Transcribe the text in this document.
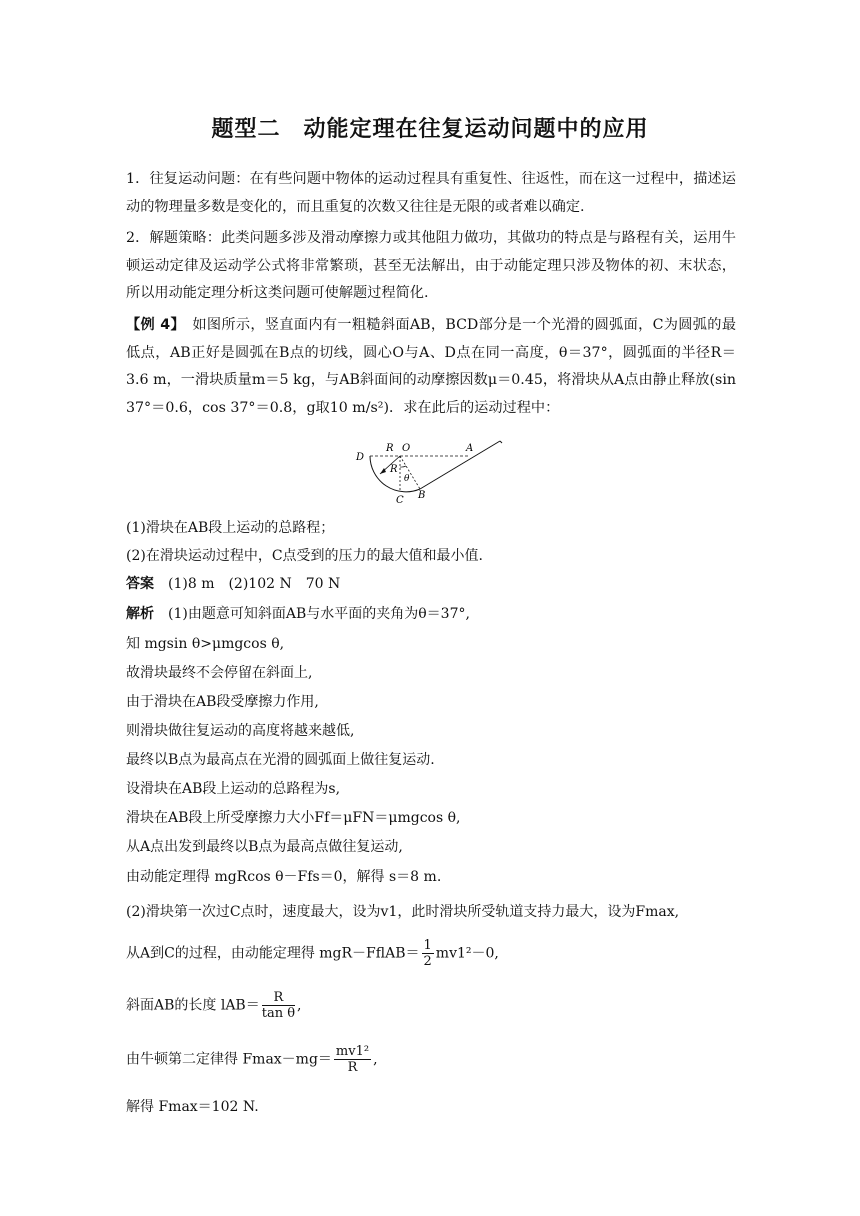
题型二　动能定理在往复运动问题中的应用
1．往复运动问题：在有些问题中物体的运动过程具有重复性、往返性，而在这一过程中，描述运动的物理量多数是变化的，而且重复的次数又往往是无限的或者难以确定.
2．解题策略：此类问题多涉及滑动摩擦力或其他阻力做功，其做功的特点是与路程有关，运用牛顿运动定律及运动学公式将非常繁琐，甚至无法解出，由于动能定理只涉及物体的初、末状态，所以用动能定理分析这类问题可使解题过程简化.
【例 4】　如图所示，竖直面内有一粗糙斜面AB，BCD部分是一个光滑的圆弧面，C为圆弧的最低点，AB正好是圆弧在B点的切线，圆心O与A、D点在同一高度，θ＝37°，圆弧面的半径R＝3.6 m，一滑块质量m＝5 kg，与AB斜面间的动摩擦因数μ＝0.45，将滑块从A点由静止释放(sin 37°＝0.6，cos 37°＝0.8，g取10 m/s²)．求在此后的运动过程中：
D
R O	A
R
θ
C B
(1)滑块在AB段上运动的总路程；
(2)在滑块运动过程中，C点受到的压力的最大值和最小值.
答案　(1)8 m　(2)102 N　70 N
解析　(1)由题意可知斜面AB与水平面的夹角为θ＝37°,
知 mgsin θ>μmgcos θ,
故滑块最终不会停留在斜面上,
由于滑块在AB段受摩擦力作用,
则滑块做往复运动的高度将越来越低,
最终以B点为最高点在光滑的圆弧面上做往复运动.
设滑块在AB段上运动的总路程为s,
滑块在AB段上所受摩擦力大小Ff＝μFN＝μmgcos θ,
从A点出发到最终以B点为最高点做往复运动,
由动能定理得 mgRcos θ－Ffs＝0，解得 s＝8 m.
(2)滑块第一次过C点时，速度最大，设为v1，此时滑块所受轨道支持力最大，设为Fmax,
从A到C的过程，由动能定理得 mgR－FflAB＝ $\frac{1}{2} mv1^2-0$,
斜面AB的长度 $lAB= \frac{R}{\text{tan θ}}$ ,
由牛顿第二定律得 $Fmax-mg= \frac{\text{mv1²}}{R}$ ,
解得 Fmax＝102 N.
